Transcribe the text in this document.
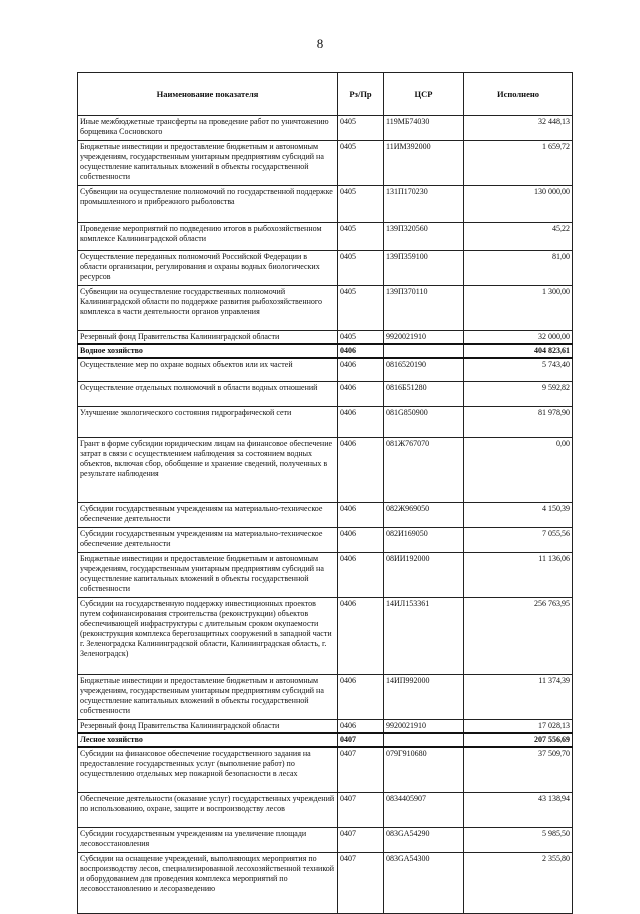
8
Наименование показателя	Рз/Пр	ЦСР	Исполнено
Иные межбюджетные трансферты на проведение работ по уничтожению борщевика Сосновского	0405	119МБ74030	32 448,13
Бюджетные инвестиции и предоставление бюджетным и автономным учреждениям, государственным унитарным предприятиям субсидий на осуществление капитальных вложений в объекты государственной собственности	0405	11ИМ392000	1 659,72
Субвенции на осуществление полномочий по государственной поддержке промышленного и прибрежного рыболовства	0405	131П170230	130 000,00
Проведение мероприятий по подведению итогов в рыбохозяйственном комплексе Калининградской области	0405	139П320560	45,22
Осуществление переданных полномочий Российской Федерации в области организации, регулирования и охраны водных биологических ресурсов	0405	139П359100	81,00
Субвенции на осуществление государственных полномочий Калининградской области по поддержке развития рыбохозяйственного комплекса в части деятельности органов управления	0405	139П370110	1 300,00
Резервный фонд Правительства Калининградской области	0405	9920021910	32 000,00
Водное хозяйство	0406		404 823,61
Осуществление мер по охране водных объектов или их частей	0406	0816520190	5 743,40
Осуществление отдельных полномочий в области водных отношений	0406	0816Б51280	9 592,82
Улучшение экологического состояния гидрографической сети	0406	081G850900	81 978,90
Грант в форме субсидии юридическим лицам на финансовое обеспечение затрат в связи с осуществлением наблюдения за состоянием водных объектов, включая сбор, обобщение и хранение сведений, полученных в результате наблюдения	0406	081Ж767070	0,00
Субсидии государственным учреждениям на материально-техническое обеспечение деятельности	0406	082Ж969050	4 150,39
Субсидии государственным учреждениям на материально-техническое обеспечение деятельности	0406	082И169050	7 055,56
Бюджетные инвестиции и предоставление бюджетным и автономным учреждениям, государственным унитарным предприятиям субсидий на осуществление капитальных вложений в объекты государственной собственности	0406	08ИИ192000	11 136,06
Субсидии на государственную поддержку инвестиционных проектов путем софинансирования строительства (реконструкции) объектов обеспечивающей инфраструктуры с длительным сроком окупаемости (реконструкция комплекса берегозащитных сооружений в западной части г. Зеленоградска Калининградской области, Калининградская область, г. Зеленоградск)	0406	14ИЛ153361	256 763,95
Бюджетные инвестиции и предоставление бюджетным и автономным учреждениям, государственным унитарным предприятиям субсидий на осуществление капитальных вложений в объекты государственной собственности	0406	14ИП992000	11 374,39
Резервный фонд Правительства Калининградской области	0406	9920021910	17 028,13
Лесное хозяйство	0407		207 556,69
Субсидии на финансовое обеспечение государственного задания на предоставление государственных услуг (выполнение работ) по осуществлению отдельных мер пожарной безопасности в лесах	0407	079Г910680	37 509,70
Обеспечение деятельности (оказание услуг) государственных учреждений по использованию, охране, защите и воспроизводству лесов	0407	0834405907	43 138,94
Субсидии государственным учреждениям на увеличение площади лесовосстановления	0407	083GA54290	5 985,50
Субсидии на оснащение учреждений, выполняющих мероприятия по воспроизводству лесов, специализированной лесохозяйственной техникой и оборудованием для проведения комплекса мероприятий по лесовосстановлению и лесоразведению	0407	083GA54300	2 355,80
